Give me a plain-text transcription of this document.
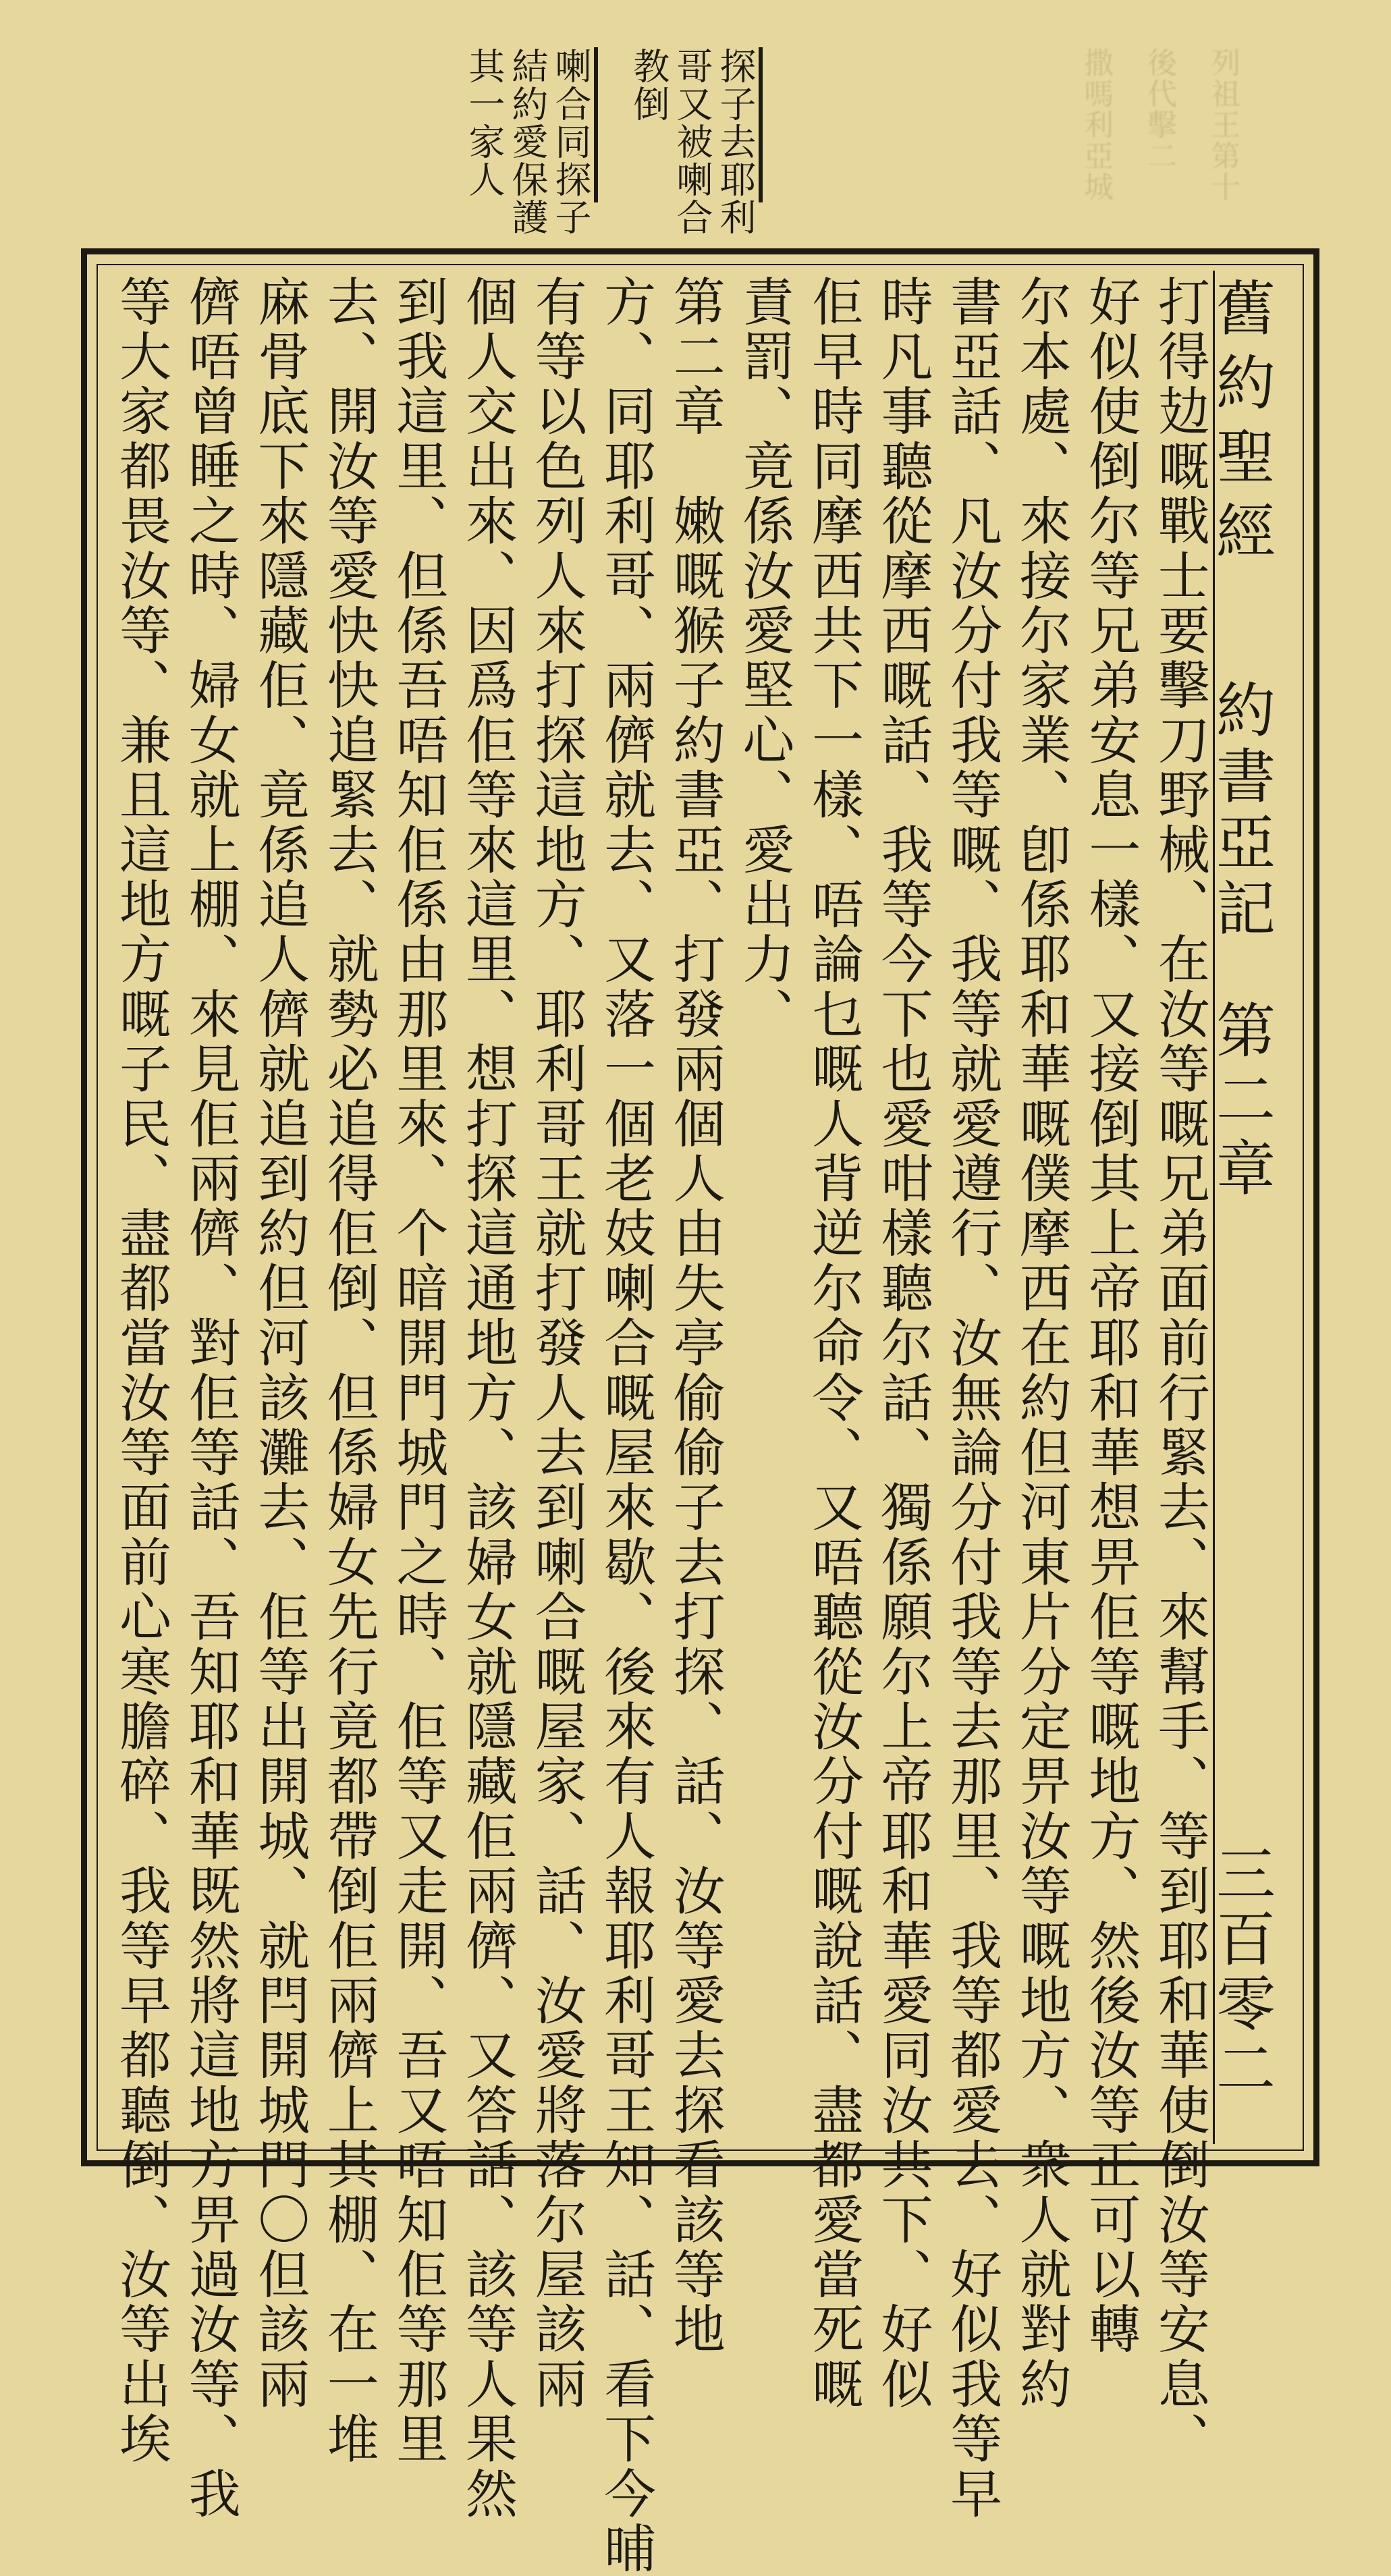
列祖王第十
後代擊二
撒嗎利亞城
探子去耶利
哥又被喇合
教倒
喇合同探子
結約愛保護
其一家人
舊約聖經
約書亞記
第二章
三百零二
打得攰嘅戰士要擊刀野械、在汝等嘅兄弟面前行緊去、來幫手、等到耶和華使倒汝等安息、
好似使倒尔等兄弟安息一樣、又接倒其上帝耶和華想畀佢等嘅地方、然後汝等正可以轉
尔本處、來接尔家業、卽係耶和華嘅僕摩西在約但河東片分定畀汝等嘅地方、衆人就對約
書亞話、凡汝分付我等嘅、我等就愛遵行、汝無論分付我等去那里、我等都愛去、好似我等早
時凡事聽從摩西嘅話、我等今下也愛咁樣聽尔話、獨係願尔上帝耶和華愛同汝共下、好似
佢早時同摩西共下一樣、唔論乜嘅人背逆尔命令、又唔聽從汝分付嘅說話、盡都愛當死嘅
責罰、竟係汝愛堅心、愛出力、
第二章　嫩嘅𤠣子約書亞、打發兩個人由失亭偷偷子去打探、話、汝等愛去探看該等地
方、同耶利哥、兩儕就去、又落一個老妓喇合嘅屋來歇、後來有人報耶利哥王知、話、看下今晡
有等以色列人來打探這地方、耶利哥王就打發人去到喇合嘅屋家、話、汝愛將落尔屋該兩
個人交出來、因爲佢等來這里、想打探這通地方、該婦女就隱藏佢兩儕、又答話、該等人果然
到我這里、但係吾唔知佢係由那里來、个暗開門城門之時、佢等又走開、吾又唔知佢等那里
去、開汝等愛快快追緊去、就勢必追得佢倒、但係婦女先行竟都帶倒佢兩儕上其棚、在一堆
麻骨底下來隱藏佢、竟係追人儕就追到約但河該灘去、佢等出開城、就閂開城門〇但該兩
儕唔曾睡之時、婦女就上棚、來見佢兩儕、對佢等話、吾知耶和華既然將這地方畀過汝等、我
等大家都畏汝等、兼且這地方嘅子民、盡都當汝等面前心寒膽碎、我等早都聽倒、汝等出埃
